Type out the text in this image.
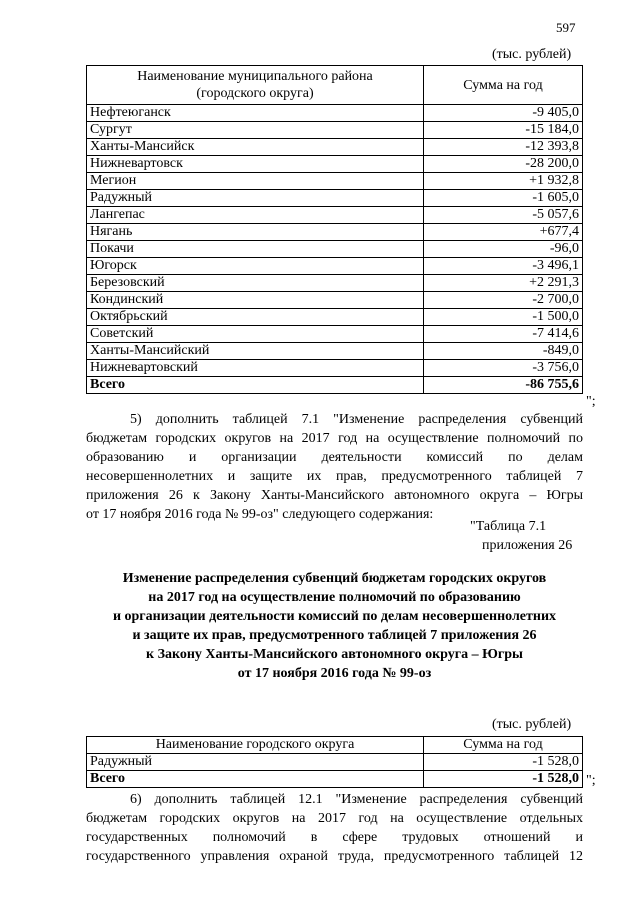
597
(тыс. рублей)
Наименование муниципального района
(городского округа)	Сумма на год
Нефтеюганск	-9 405,0
Сургут	-15 184,0
Ханты-Мансийск	-12 393,8
Нижневартовск	-28 200,0
Мегион	+1 932,8
Радужный	-1 605,0
Лангепас	-5 057,6
Нягань	+677,4
Покачи	-96,0
Югорск	-3 496,1
Березовский	+2 291,3
Кондинский	-2 700,0
Октябрьский	-1 500,0
Советский	-7 414,6
Ханты-Мансийский	-849,0
Нижневартовский	-3 756,0
Всего	-86 755,6
";
5) дополнить таблицей 7.1 "Изменение распределения субвенций
бюджетам городских округов на 2017 год на осуществление полномочий по
образованию и организации деятельности комиссий по делам
несовершеннолетних и защите их прав, предусмотренного таблицей 7
приложения 26 к Закону Ханты-Мансийского автономного округа – Югры
от 17 ноября 2016 года № 99-оз" следующего содержания:
"Таблица 7.1
приложения 26
Изменение распределения субвенций бюджетам городских округов
на 2017 год на осуществление полномочий по образованию
и организации деятельности комиссий по делам несовершеннолетних
и защите их прав, предусмотренного таблицей 7 приложения 26
к Закону Ханты-Мансийского автономного округа – Югры
от 17 ноября 2016 года № 99-оз
(тыс. рублей)
Наименование городского округа	Сумма на год
Радужный	-1 528,0
Всего	-1 528,0 ";
6) дополнить таблицей 12.1 "Изменение распределения субвенций
бюджетам городских округов на 2017 год на осуществление отдельных
государственных полномочий в сфере трудовых отношений и
государственного управления охраной труда, предусмотренного таблицей 12
